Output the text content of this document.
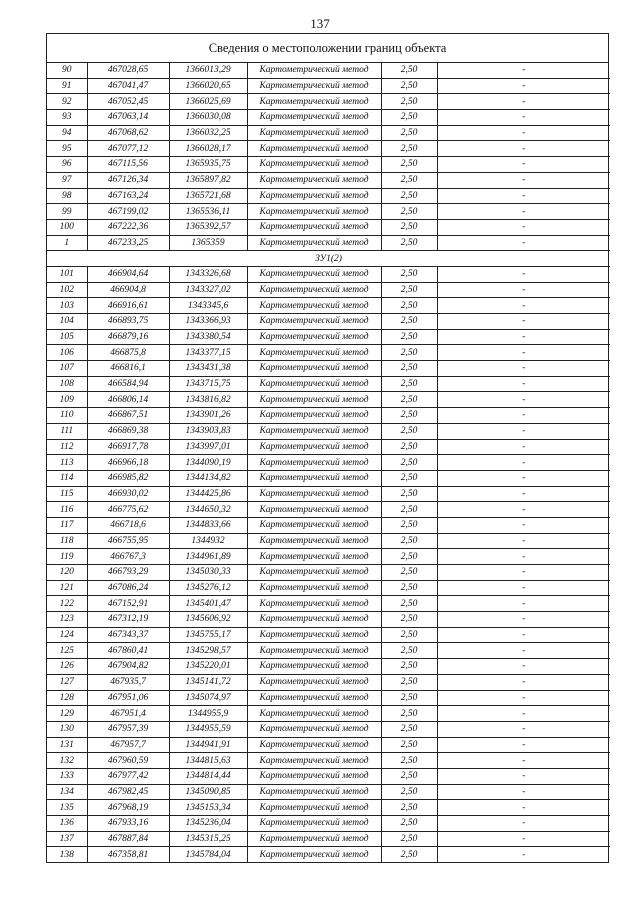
137
Сведения о местоположении границ объекта
90	467028,65	1366013,29	Картометрический метод	2,50	-
91	467041,47	1366020,65	Картометрический метод	2,50	-
92	467052,45	1366025,69	Картометрический метод	2,50	-
93	467063,14	1366030,08	Картометрический метод	2,50	-
94	467068,62	1366032,25	Картометрический метод	2,50	-
95	467077,12	1366028,17	Картометрический метод	2,50	-
96	467115,56	1365935,75	Картометрический метод	2,50	-
97	467126,34	1365897,82	Картометрический метод	2,50	-
98	467163,24	1365721,68	Картометрический метод	2,50	-
99	467199,02	1365536,11	Картометрический метод	2,50	-
100	467222,36	1365392,57	Картометрический метод	2,50	-
1	467233,25	1365359	Картометрический метод	2,50	-
ЗУ1(2)					
101	466904,64	1343326,68	Картометрический метод	2,50	-
102	466904,8	1343327,02	Картометрический метод	2,50	-
103	466916,61	1343345,6	Картометрический метод	2,50	-
104	466893,75	1343366,93	Картометрический метод	2,50	-
105	466879,16	1343380,54	Картометрический метод	2,50	-
106	466875,8	1343377,15	Картометрический метод	2,50	-
107	466816,1	1343431,38	Картометрический метод	2,50	-
108	466584,94	1343715,75	Картометрический метод	2,50	-
109	466806,14	1343816,82	Картометрический метод	2,50	-
110	466867,51	1343901,26	Картометрический метод	2,50	-
111	466869,38	1343903,83	Картометрический метод	2,50	-
112	466917,78	1343997,01	Картометрический метод	2,50	-
113	466966,18	1344090,19	Картометрический метод	2,50	-
114	466985,82	1344134,82	Картометрический метод	2,50	-
115	466930,02	1344425,86	Картометрический метод	2,50	-
116	466775,62	1344650,32	Картометрический метод	2,50	-
117	466718,6	1344833,66	Картометрический метод	2,50	-
118	466755,95	1344932	Картометрический метод	2,50	-
119	466767,3	1344961,89	Картометрический метод	2,50	-
120	466793,29	1345030,33	Картометрический метод	2,50	-
121	467086,24	1345276,12	Картометрический метод	2,50	-
122	467152,91	1345401,47	Картометрический метод	2,50	-
123	467312,19	1345606,92	Картометрический метод	2,50	-
124	467343,37	1345755,17	Картометрический метод	2,50	-
125	467860,41	1345298,57	Картометрический метод	2,50	-
126	467904,82	1345220,01	Картометрический метод	2,50	-
127	467935,7	1345141,72	Картометрический метод	2,50	-
128	467951,06	1345074,97	Картометрический метод	2,50	-
129	467951,4	1344955,9	Картометрический метод	2,50	-
130	467957,39	1344955,59	Картометрический метод	2,50	-
131	467957,7	1344941,91	Картометрический метод	2,50	-
132	467960,59	1344815,63	Картометрический метод	2,50	-
133	467977,42	1344814,44	Картометрический метод	2,50	-
134	467982,45	1345090,85	Картометрический метод	2,50	-
135	467968,19	1345153,34	Картометрический метод	2,50	-
136	467933,16	1345236,04	Картометрический метод	2,50	-
137	467887,84	1345315,25	Картометрический метод	2,50	-
138	467358,81	1345784,04	Картометрический метод	2,50	-
